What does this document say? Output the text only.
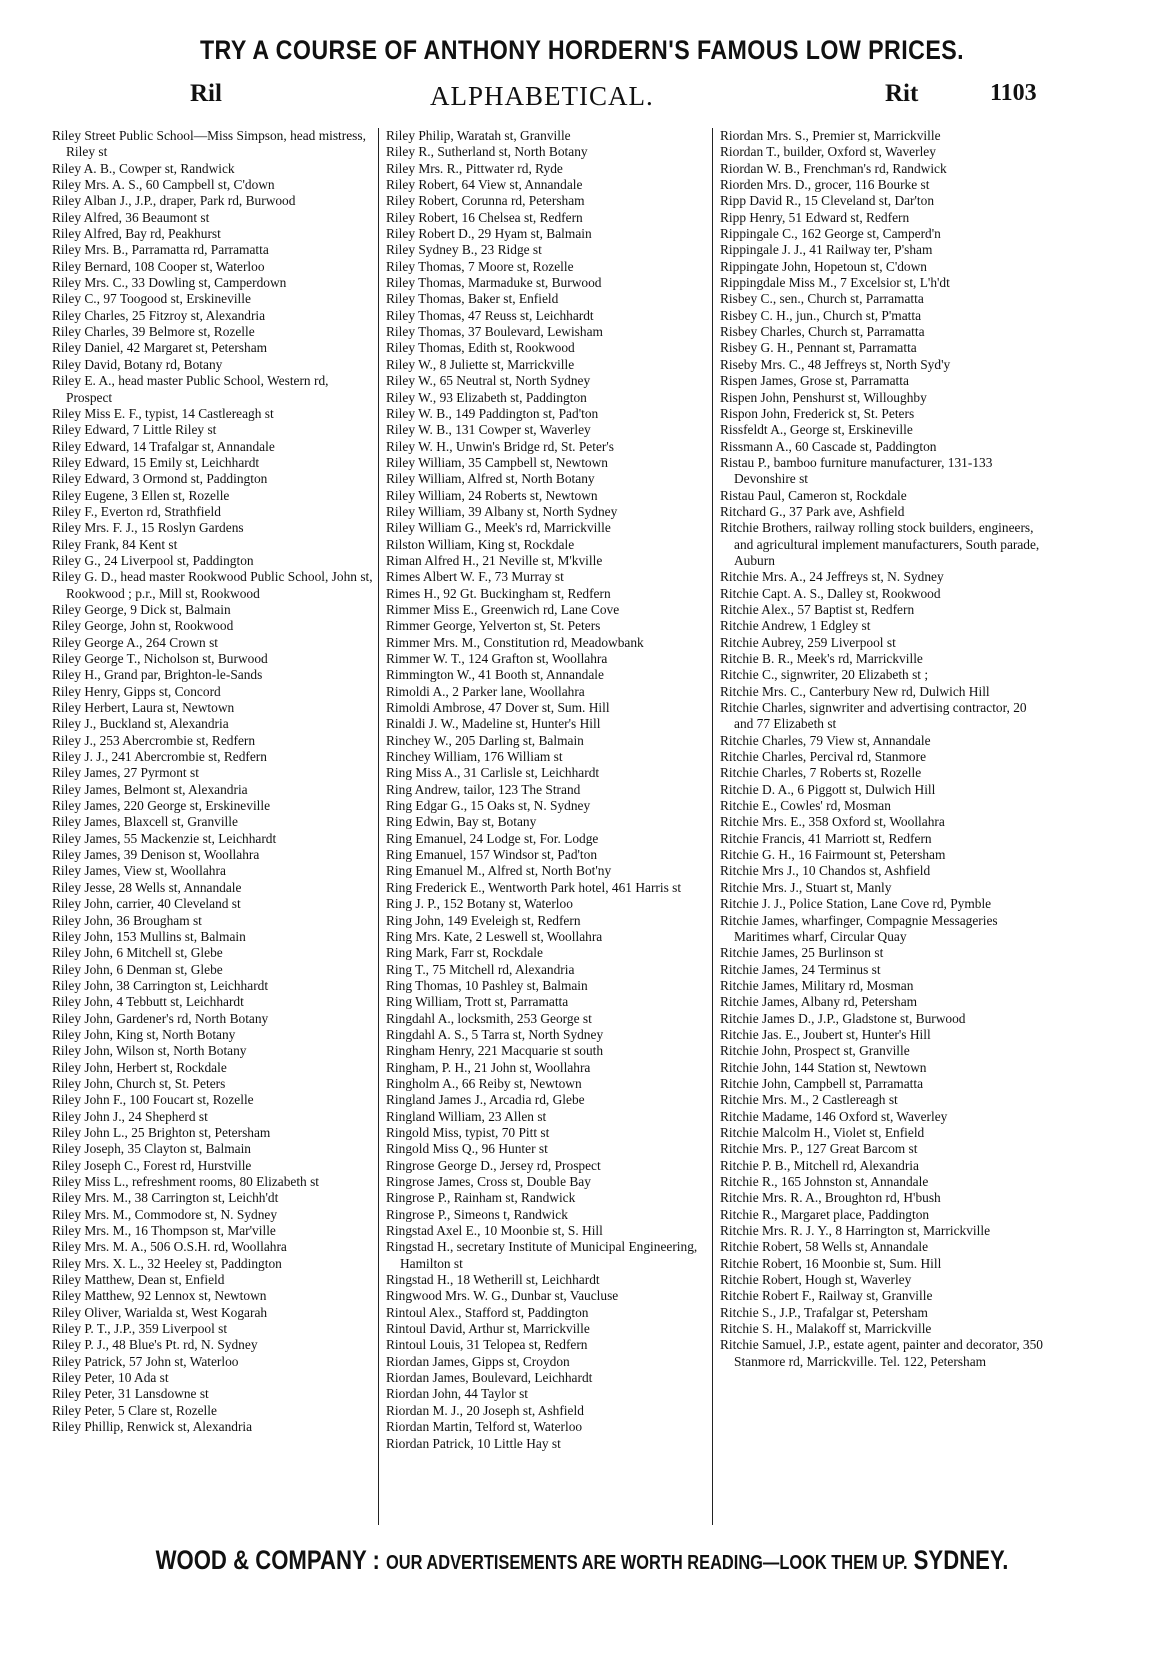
TRY A COURSE OF ANTHONY HORDERN'S FAMOUS LOW PRICES.
Ril	ALPHABETICAL.	Rit	1103
Riley Street Public School—Miss Simpson, head mistress, Riley st
Riley A. B., Cowper st, Randwick
Riley Mrs. A. S., 60 Campbell st, C'down
Riley Alban J., J.P., draper, Park rd, Burwood
Riley Alfred, 36 Beaumont st
Riley Alfred, Bay rd, Peakhurst
Riley Mrs. B., Parramatta rd, Parramatta
Riley Bernard, 108 Cooper st, Waterloo
Riley Mrs. C., 33 Dowling st, Camperdown
Riley C., 97 Toogood st, Erskineville
Riley Charles, 25 Fitzroy st, Alexandria
Riley Charles, 39 Belmore st, Rozelle
Riley Daniel, 42 Margaret st, Petersham
Riley David, Botany rd, Botany
Riley E. A., head master Public School, Western rd, Prospect
Riley Miss E. F., typist, 14 Castlereagh st
Riley Edward, 7 Little Riley st
Riley Edward, 14 Trafalgar st, Annandale
Riley Edward, 15 Emily st, Leichhardt
Riley Edward, 3 Ormond st, Paddington
Riley Eugene, 3 Ellen st, Rozelle
Riley F., Everton rd, Strathfield
Riley Mrs. F. J., 15 Roslyn Gardens
Riley Frank, 84 Kent st
Riley G., 24 Liverpool st, Paddington
Riley G. D., head master Rookwood Public School, John st, Rookwood ; p.r., Mill st, Rookwood
Riley George, 9 Dick st, Balmain
Riley George, John st, Rookwood
Riley George A., 264 Crown st
Riley George T., Nicholson st, Burwood
Riley H., Grand par, Brighton-le-Sands
Riley Henry, Gipps st, Concord
Riley Herbert, Laura st, Newtown
Riley J., Buckland st, Alexandria
Riley J., 253 Abercrombie st, Redfern
Riley J. J., 241 Abercrombie st, Redfern
Riley James, 27 Pyrmont st
Riley James, Belmont st, Alexandria
Riley James, 220 George st, Erskineville
Riley James, Blaxcell st, Granville
Riley James, 55 Mackenzie st, Leichhardt
Riley James, 39 Denison st, Woollahra
Riley James, View st, Woollahra
Riley Jesse, 28 Wells st, Annandale
Riley John, carrier, 40 Cleveland st
Riley John, 36 Brougham st
Riley John, 153 Mullins st, Balmain
Riley John, 6 Mitchell st, Glebe
Riley John, 6 Denman st, Glebe
Riley John, 38 Carrington st, Leichhardt
Riley John, 4 Tebbutt st, Leichhardt
Riley John, Gardener's rd, North Botany
Riley John, King st, North Botany
Riley John, Wilson st, North Botany
Riley John, Herbert st, Rockdale
Riley John, Church st, St. Peters
Riley John F., 100 Foucart st, Rozelle
Riley John J., 24 Shepherd st
Riley John L., 25 Brighton st, Petersham
Riley Joseph, 35 Clayton st, Balmain
Riley Joseph C., Forest rd, Hurstville
Riley Miss L., refreshment rooms, 80 Elizabeth st
Riley Mrs. M., 38 Carrington st, Leichh'dt
Riley Mrs. M., Commodore st, N. Sydney
Riley Mrs. M., 16 Thompson st, Mar'ville
Riley Mrs. M. A., 506 O.S.H. rd, Woollahra
Riley Mrs. X. L., 32 Heeley st, Paddington
Riley Matthew, Dean st, Enfield
Riley Matthew, 92 Lennox st, Newtown
Riley Oliver, Warialda st, West Kogarah
Riley P. T., J.P., 359 Liverpool st
Riley P. J., 48 Blue's Pt. rd, N. Sydney
Riley Patrick, 57 John st, Waterloo
Riley Peter, 10 Ada st
Riley Peter, 31 Lansdowne st
Riley Peter, 5 Clare st, Rozelle
Riley Phillip, Renwick st, Alexandria
Riley Philip, Waratah st, Granville
Riley R., Sutherland st, North Botany
Riley Mrs. R., Pittwater rd, Ryde
Riley Robert, 64 View st, Annandale
Riley Robert, Corunna rd, Petersham
Riley Robert, 16 Chelsea st, Redfern
Riley Robert D., 29 Hyam st, Balmain
Riley Sydney B., 23 Ridge st
Riley Thomas, 7 Moore st, Rozelle
Riley Thomas, Marmaduke st, Burwood
Riley Thomas, Baker st, Enfield
Riley Thomas, 47 Reuss st, Leichhardt
Riley Thomas, 37 Boulevard, Lewisham
Riley Thomas, Edith st, Rookwood
Riley W., 8 Juliette st, Marrickville
Riley W., 65 Neutral st, North Sydney
Riley W., 93 Elizabeth st, Paddington
Riley W. B., 149 Paddington st, Pad'ton
Riley W. B., 131 Cowper st, Waverley
Riley W. H., Unwin's Bridge rd, St. Peter's
Riley William, 35 Campbell st, Newtown
Riley William, Alfred st, North Botany
Riley William, 24 Roberts st, Newtown
Riley William, 39 Albany st, North Sydney
Riley William G., Meek's rd, Marrickville
Rilston William, King st, Rockdale
Riman Alfred H., 21 Neville st, M'kville
Rimes Albert W. F., 73 Murray st
Rimes H., 92 Gt. Buckingham st, Redfern
Rimmer Miss E., Greenwich rd, Lane Cove
Rimmer George, Yelverton st, St. Peters
Rimmer Mrs. M., Constitution rd, Meadowbank
Rimmer W. T., 124 Grafton st, Woollahra
Rimmington W., 41 Booth st, Annandale
Rimoldi A., 2 Parker lane, Woollahra
Rimoldi Ambrose, 47 Dover st, Sum. Hill
Rinaldi J. W., Madeline st, Hunter's Hill
Rinchey W., 205 Darling st, Balmain
Rinchey William, 176 William st
Ring Miss A., 31 Carlisle st, Leichhardt
Ring Andrew, tailor, 123 The Strand
Ring Edgar G., 15 Oaks st, N. Sydney
Ring Edwin, Bay st, Botany
Ring Emanuel, 24 Lodge st, For. Lodge
Ring Emanuel, 157 Windsor st, Pad'ton
Ring Emanuel M., Alfred st, North Bot'ny
Ring Frederick E., Wentworth Park hotel, 461 Harris st
Ring J. P., 152 Botany st, Waterloo
Ring John, 149 Eveleigh st, Redfern
Ring Mrs. Kate, 2 Leswell st, Woollahra
Ring Mark, Farr st, Rockdale
Ring T., 75 Mitchell rd, Alexandria
Ring Thomas, 10 Pashley st, Balmain
Ring William, Trott st, Parramatta
Ringdahl A., locksmith, 253 George st
Ringdahl A. S., 5 Tarra st, North Sydney
Ringham Henry, 221 Macquarie st south
Ringham, P. H., 21 John st, Woollahra
Ringholm A., 66 Reiby st, Newtown
Ringland James J., Arcadia rd, Glebe
Ringland William, 23 Allen st
Ringold Miss, typist, 70 Pitt st
Ringold Miss Q., 96 Hunter st
Ringrose George D., Jersey rd, Prospect
Ringrose James, Cross st, Double Bay
Ringrose P., Rainham st, Randwick
Ringrose P., Simeons t, Randwick
Ringstad Axel E., 10 Moonbie st, S. Hill
Ringstad H., secretary Institute of Municipal Engineering, Hamilton st
Ringstad H., 18 Wetherill st, Leichhardt
Ringwood Mrs. W. G., Dunbar st, Vaucluse
Rintoul Alex., Stafford st, Paddington
Rintoul David, Arthur st, Marrickville
Rintoul Louis, 31 Telopea st, Redfern
Riordan James, Gipps st, Croydon
Riordan James, Boulevard, Leichhardt
Riordan John, 44 Taylor st
Riordan M. J., 20 Joseph st, Ashfield
Riordan Martin, Telford st, Waterloo
Riordan Patrick, 10 Little Hay st
Riordan Mrs. S., Premier st, Marrickville
Riordan T., builder, Oxford st, Waverley
Riordan W. B., Frenchman's rd, Randwick
Riorden Mrs. D., grocer, 116 Bourke st
Ripp David R., 15 Cleveland st, Dar'ton
Ripp Henry, 51 Edward st, Redfern
Rippingale C., 162 George st, Camperd'n
Rippingale J. J., 41 Railway ter, P'sham
Rippingate John, Hopetoun st, C'down
Rippingdale Miss M., 7 Excelsior st, L'h'dt
Risbey C., sen., Church st, Parramatta
Risbey C. H., jun., Church st, P'matta
Risbey Charles, Church st, Parramatta
Risbey G. H., Pennant st, Parramatta
Riseby Mrs. C., 48 Jeffreys st, North Syd'y
Rispen James, Grose st, Parramatta
Rispen John, Penshurst st, Willoughby
Rispon John, Frederick st, St. Peters
Rissfeldt A., George st, Erskineville
Rissmann A., 60 Cascade st, Paddington
Ristau P., bamboo furniture manufacturer, 131-133 Devonshire st
Ristau Paul, Cameron st, Rockdale
Ritchard G., 37 Park ave, Ashfield
Ritchie Brothers, railway rolling stock builders, engineers, and agricultural implement manufacturers, South parade, Auburn
Ritchie Mrs. A., 24 Jeffreys st, N. Sydney
Ritchie Capt. A. S., Dalley st, Rookwood
Ritchie Alex., 57 Baptist st, Redfern
Ritchie Andrew, 1 Edgley st
Ritchie Aubrey, 259 Liverpool st
Ritchie B. R., Meek's rd, Marrickville
Ritchie C., signwriter, 20 Elizabeth st ;
Ritchie Mrs. C., Canterbury New rd, Dulwich Hill
Ritchie Charles, signwriter and advertising contractor, 20 and 77 Elizabeth st
Ritchie Charles, 79 View st, Annandale
Ritchie Charles, Percival rd, Stanmore
Ritchie Charles, 7 Roberts st, Rozelle
Ritchie D. A., 6 Piggott st, Dulwich Hill
Ritchie E., Cowles' rd, Mosman
Ritchie Mrs. E., 358 Oxford st, Woollahra
Ritchie Francis, 41 Marriott st, Redfern
Ritchie G. H., 16 Fairmount st, Petersham
Ritchie Mrs J., 10 Chandos st, Ashfield
Ritchie Mrs. J., Stuart st, Manly
Ritchie J. J., Police Station, Lane Cove rd, Pymble
Ritchie James, wharfinger, Compagnie Messageries Maritimes wharf, Circular Quay
Ritchie James, 25 Burlinson st
Ritchie James, 24 Terminus st
Ritchie James, Military rd, Mosman
Ritchie James, Albany rd, Petersham
Ritchie James D., J.P., Gladstone st, Burwood
Ritchie Jas. E., Joubert st, Hunter's Hill
Ritchie John, Prospect st, Granville
Ritchie John, 144 Station st, Newtown
Ritchie John, Campbell st, Parramatta
Ritchie Mrs. M., 2 Castlereagh st
Ritchie Madame, 146 Oxford st, Waverley
Ritchie Malcolm H., Violet st, Enfield
Ritchie Mrs. P., 127 Great Barcom st
Ritchie P. B., Mitchell rd, Alexandria
Ritchie R., 165 Johnston st, Annandale
Ritchie Mrs. R. A., Broughton rd, H'bush
Ritchie R., Margaret place, Paddington
Ritchie Mrs. R. J. Y., 8 Harrington st, Marrickville
Ritchie Robert, 58 Wells st, Annandale
Ritchie Robert, 16 Moonbie st, Sum. Hill
Ritchie Robert, Hough st, Waverley
Ritchie Robert F., Railway st, Granville
Ritchie S., J.P., Trafalgar st, Petersham
Ritchie S. H., Malakoff st, Marrickville
Ritchie Samuel, J.P., estate agent, painter and decorator, 350 Stanmore rd, Marrickville. Tel. 122, Petersham
WOOD & COMPANY : OUR ADVERTISEMENTS ARE WORTH READING—LOOK THEM UP. SYDNEY.
